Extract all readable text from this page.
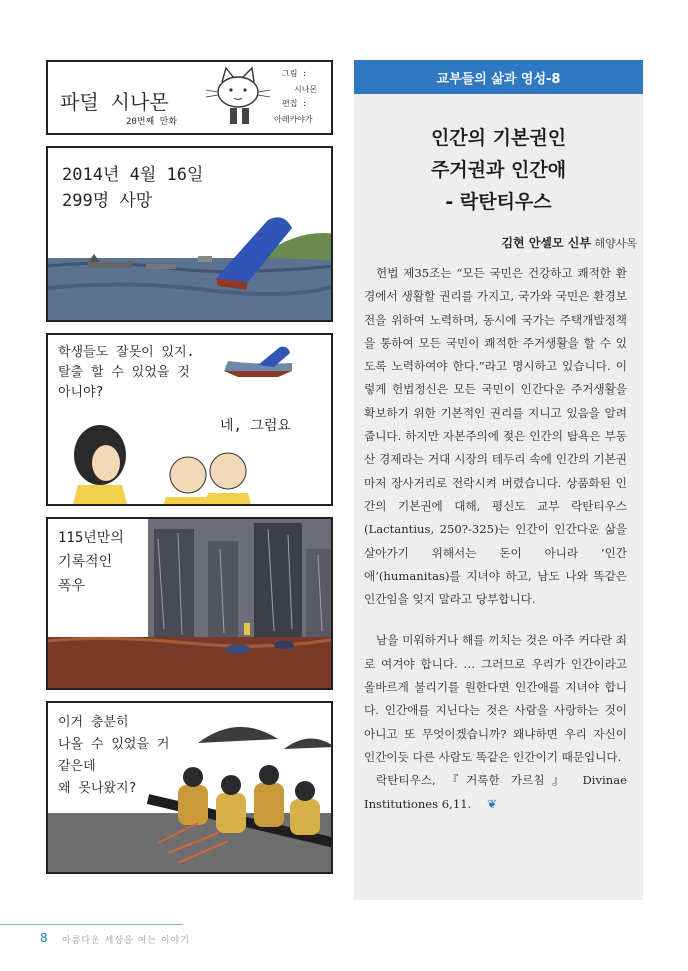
파덜 시나몬
20번째 만화
그림 :
시나몬
편집 :
아레카야가
2014년 4월 16일
299명 사망
학생들도 잘못이 있지.
탈출 할 수 있었을 것
아니야?
네, 그럼요
115년만의
기록적인
폭우
이거 충분히
나올 수 있었을 거
같은데
왜 못나왔지?
교부들의 삶과 영성-8
인간의 기본권인
주거권과 인간애
- 락탄티우스
김현 안셀모 신부 해양사목

헌법 제35조는 “모든 국민은 건강하고 쾌적한 환경에서 생활할 권리를 가지고, 국가와 국민은 환경보전을 위하여 노력하며, 동시에 국가는 주택개발정책을 통하여 모든 국민이 쾌적한 주거생활을 할 수 있도록 노력하여야 한다.”라고 명시하고 있습니다. 이렇게 헌법정신은 모든 국민이 인간다운 주거생활을 확보하기 위한 기본적인 권리를 지니고 있음을 알려줍니다. 하지만 자본주의에 젖은 인간의 탐욕은 부동산 경제라는 거대 시장의 테두리 속에 인간의 기본권마저 장사거리로 전락시켜 버렸습니다. 상품화된 인간의 기본권에 대해, 평신도 교부 락탄티우스(Lactantius, 250?-325)는 인간이 인간다운 삶을 살아가기 위해서는 돈이 아니라 ‘인간애’(humanitas)를 지녀야 하고, 남도 나와 똑같은 인간임을 잊지 말라고 당부합니다.

남을 미워하거나 해를 끼치는 것은 아주 커다란 죄로 여겨야 합니다. … 그러므로 우리가 인간이라고 올바르게 불리기를 원한다면 인간애를 지녀야 합니다. 인간애를 지닌다는 것은 사람을 사랑하는 것이 아니고 또 무엇이겠습니까? 왜냐하면 우리 자신이 인간이듯 다른 사람도 똑같은 인간이기 때문입니다.

락탄티우스, 『거룩한 가르침』 Divinae Institutiones 6,11. ❦

8 아름다운 세상을 여는 이야기
